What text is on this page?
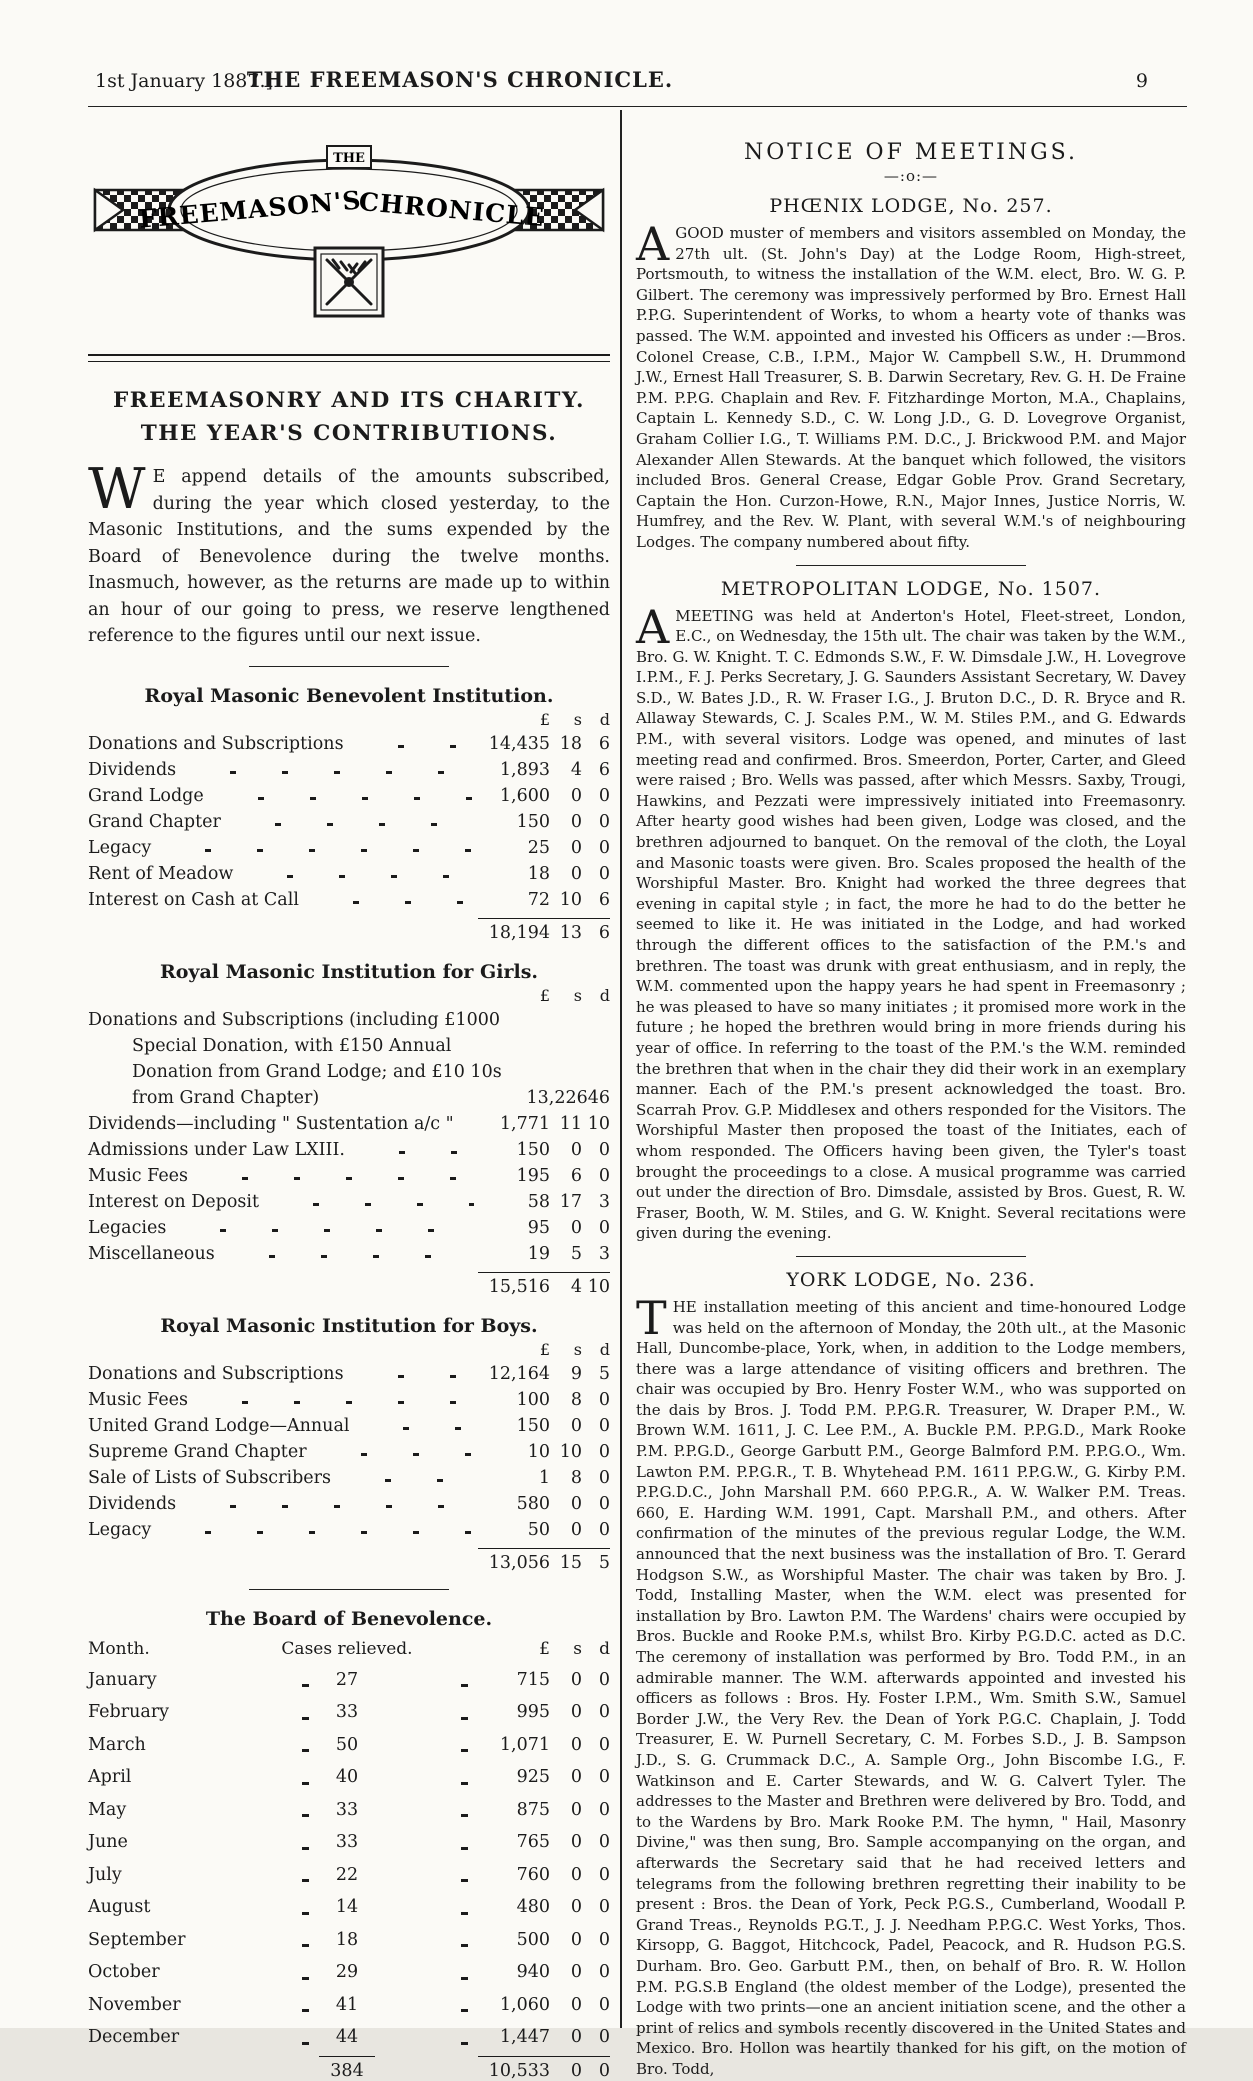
1st January 1887.]
THE FREEMASON'S CHRONICLE.	9
THE
FREEMASON'S
CHRONICLE
FREEMASONRY AND ITS CHARITY.
THE YEAR'S CONTRIBUTIONS.

W E append details of the amounts subscribed, during the year which closed yesterday, to the Masonic Institutions, and the sums expended by the Board of Benevolence during the twelve months. Inasmuch, however, as the returns are made up to within an hour of our going to press, we reserve lengthened reference to the figures until our next issue.

Royal Masonic Benevolent Institution.
£	s	d
Donations and Subscriptions	14,435 18 6
Dividends	1,893	4 6
Grand Lodge	1,600	0 0
Grand Chapter	150	0 0
Legacy	25	0 0
Rent of Meadow	18	0 0
Interest on Cash at Call	72 10 6
18,194 13 6
Royal Masonic Institution for Girls.
£	s	d
Donations and Subscriptions (including £1000 Special Donation, with £150 Annual Donation from Grand Lodge; and £10 10s from Grand Chapter)	13,226 4 6
Dividends—including " Sustentation a/c "	1,771 11 10
Admissions under Law LXIII.	150	0 0
Music Fees	195	6 0
Interest on Deposit	58 17 3
Legacies	95	0 0
Miscellaneous	19	5 3
15,516	4 10
Royal Masonic Institution for Boys.
£	s	d
Donations and Subscriptions	12,164	9 5
Music Fees	100	8 0
United Grand Lodge—Annual	150	0 0
Supreme Grand Chapter	10 10 0
Sale of Lists of Subscribers	1	8 0
Dividends	580	0 0
Legacy	50	0 0
13,056 15 5
The Board of Benevolence.
Month.	Cases relieved.	£	s	d
January	27	715	0 0
February	33	995	0 0
March	50	1,071	0 0
April	40	925	0 0
May	33	875	0 0
June	33	765	0 0
July	22	760	0 0
August	14	480	0 0
September	18	500	0 0
October	29	940	0 0
November	41	1,060	0 0
December	44	1,447	0 0
384	10,533	0 0
NOTICE OF MEETINGS.
—:o:—
PHŒNIX LODGE, No. 257.

AGOOD muster of members and visitors assembled on Monday, the 27th ult. (St. John's Day) at the Lodge Room, High-street, Portsmouth, to witness the installation of the W.M. elect, Bro. W. G. P. Gilbert. The ceremony was impressively performed by Bro. Ernest Hall P.P.G. Superintendent of Works, to whom a hearty vote of thanks was passed. The W.M. appointed and invested his Officers as under :—Bros. Colonel Crease, C.B., I.P.M., Major W. Campbell S.W., H. Drummond J.W., Ernest Hall Treasurer, S. B. Darwin Secretary, Rev. G. H. De Fraine P.M. P.P.G. Chaplain and Rev. F. Fitzhardinge Morton, M.A., Chaplains, Captain L. Kennedy S.D., C. W. Long J.D., G. D. Lovegrove Organist, Graham Collier I.G., T. Williams P.M. D.C., J. Brickwood P.M. and Major Alexander Allen Stewards. At the banquet which followed, the visitors included Bros. General Crease, Edgar Goble Prov. Grand Secretary, Captain the Hon. Curzon-Howe, R.N., Major Innes, Justice Norris, W. Humfrey, and the Rev. W. Plant, with several W.M.'s of neighbouring Lodges. The company numbered about fifty.

METROPOLITAN LODGE, No. 1507.

AMEETING was held at Anderton's Hotel, Fleet-street, London, E.C., on Wednesday, the 15th ult. The chair was taken by the W.M., Bro. G. W. Knight. T. C. Edmonds S.W., F. W. Dimsdale J.W., H. Lovegrove I.P.M., F. J. Perks Secretary, J. G. Saunders Assistant Secretary, W. Davey S.D., W. Bates J.D., R. W. Fraser I.G., J. Bruton D.C., D. R. Bryce and R. Allaway Stewards, C. J. Scales P.M., W. M. Stiles P.M., and G. Edwards P.M., with several visitors. Lodge was opened, and minutes of last meeting read and confirmed. Bros. Smeerdon, Porter, Carter, and Gleed were raised ; Bro. Wells was passed, after which Messrs. Saxby, Trougi, Hawkins, and Pezzati were impressively initiated into Freemasonry. After hearty good wishes had been given, Lodge was closed, and the brethren adjourned to banquet. On the removal of the cloth, the Loyal and Masonic toasts were given. Bro. Scales proposed the health of the Worshipful Master. Bro. Knight had worked the three degrees that evening in capital style ; in fact, the more he had to do the better he seemed to like it. He was initiated in the Lodge, and had worked through the different offices to the satisfaction of the P.M.'s and brethren. The toast was drunk with great enthusiasm, and in reply, the W.M. commented upon the happy years he had spent in Freemasonry ; he was pleased to have so many initiates ; it promised more work in the future ; he hoped the brethren would bring in more friends during his year of office. In referring to the toast of the P.M.'s the W.M. reminded the brethren that when in the chair they did their work in an exemplary manner. Each of the P.M.'s present acknowledged the toast. Bro. Scarrah Prov. G.P. Middlesex and others responded for the Visitors. The Worshipful Master then proposed the toast of the Initiates, each of whom responded. The Officers having been given, the Tyler's toast brought the proceedings to a close. A musical programme was carried out under the direction of Bro. Dimsdale, assisted by Bros. Guest, R. W. Fraser, Booth, W. M. Stiles, and G. W. Knight. Several recitations were given during the evening.

YORK LODGE, No. 236.

THE installation meeting of this ancient and time-honoured Lodge was held on the afternoon of Monday, the 20th ult., at the Masonic Hall, Duncombe-place, York, when, in addition to the Lodge members, there was a large attendance of visiting officers and brethren. The chair was occupied by Bro. Henry Foster W.M., who was supported on the dais by Bros. J. Todd P.M. P.P.G.R. Treasurer, W. Draper P.M., W. Brown W.M. 1611, J. C. Lee P.M., A. Buckle P.M. P.P.G.D., Mark Rooke P.M. P.P.G.D., George Garbutt P.M., George Balmford P.M. P.P.G.O., Wm. Lawton P.M. P.P.G.R., T. B. Whytehead P.M. 1611 P.P.G.W., G. Kirby P.M. P.P.G.D.C., John Marshall P.M. 660 P.P.G.R., A. W. Walker P.M. Treas. 660, E. Harding W.M. 1991, Capt. Marshall P.M., and others. After confirmation of the minutes of the previous regular Lodge, the W.M. announced that the next business was the installation of Bro. T. Gerard Hodgson S.W., as Worshipful Master. The chair was taken by Bro. J. Todd, Installing Master, when the W.M. elect was presented for installation by Bro. Lawton P.M. The Wardens' chairs were occupied by Bros. Buckle and Rooke P.M.s, whilst Bro. Kirby P.G.D.C. acted as D.C. The ceremony of installation was performed by Bro. Todd P.M., in an admirable manner. The W.M. afterwards appointed and invested his officers as follows : Bros. Hy. Foster I.P.M., Wm. Smith S.W., Samuel Border J.W., the Very Rev. the Dean of York P.G.C. Chaplain, J. Todd Treasurer, E. W. Purnell Secretary, C. M. Forbes S.D., J. B. Sampson J.D., S. G. Crummack D.C., A. Sample Org., John Biscombe I.G., F. Watkinson and E. Carter Stewards, and W. G. Calvert Tyler. The addresses to the Master and Brethren were delivered by Bro. Todd, and to the Wardens by Bro. Mark Rooke P.M. The hymn, " Hail, Masonry Divine," was then sung, Bro. Sample accompanying on the organ, and afterwards the Secretary said that he had received letters and telegrams from the following brethren regretting their inability to be present : Bros. the Dean of York, Peck P.G.S., Cumberland, Woodall P. Grand Treas., Reynolds P.G.T., J. J. Needham P.P.G.C. West Yorks, Thos. Kirsopp, G. Baggot, Hitchcock, Padel, Peacock, and R. Hudson P.G.S. Durham. Bro. Geo. Garbutt P.M., then, on behalf of Bro. R. W. Hollon P.M. P.G.S.B England (the oldest member of the Lodge), presented the Lodge with two prints—one an ancient initiation scene, and the other a print of relics and symbols recently discovered in the United States and Mexico. Bro. Hollon was heartily thanked for his gift, on the motion of Bro. Todd,
